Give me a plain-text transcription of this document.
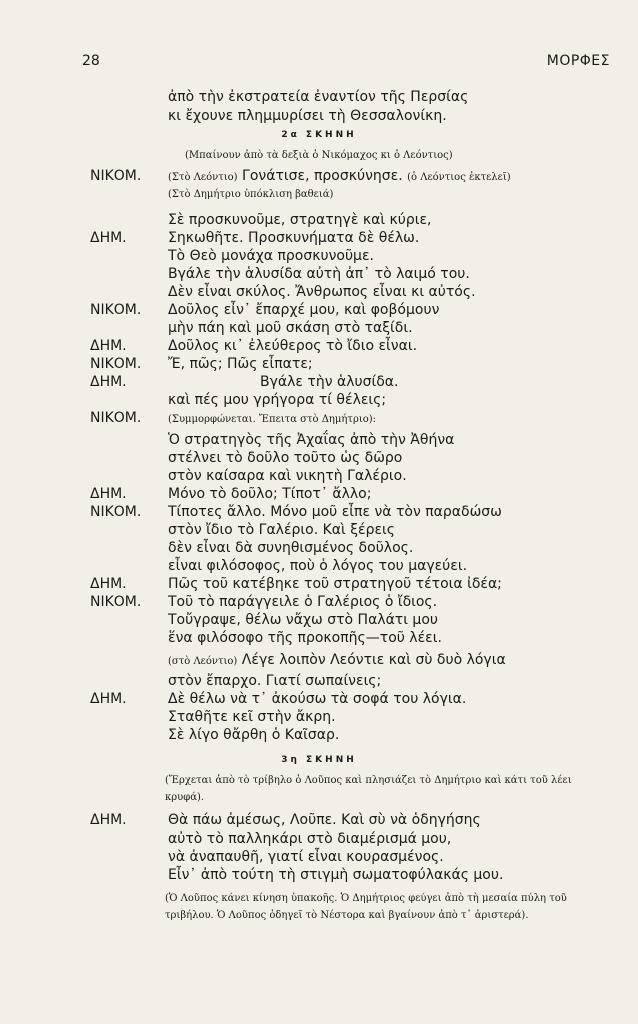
28	ΜΟΡΦΕΣ
ἀπὸ τὴν ἐκστρατεία ἐναντίον τῆς Περσίας
κι ἔχουνε πλημμυρίσει τὴ Θεσσαλονίκη.
2α ΣΚΗΝΗ
(Μπαίνουν ἀπὸ τὰ δεξιὰ ὁ Νικόμαχος κι ὁ Λεόντιος)
ΝΙΚΟΜ.	(Στὸ Λεόντιο) Γονάτισε, προσκύνησε. (ὁ Λεόντιος ἐκτελεῖ)
(Στὸ Δημήτριο ὑπόκλιση βαθειά)
Σὲ προσκυνοῦμε, στρατηγὲ καὶ κύριε,
ΔΗΜ.	Σηκωθῆτε. Προσκυνήματα δὲ θέλω.
Τὸ Θεὸ μονάχα προσκυνοῦμε.
Βγάλε τὴν ἁλυσίδα αὐτὴ ἀπ᾽ τὸ λαιμό του.
Δὲν εἶναι σκύλος. Ἄνθρωπος εἶναι κι αὐτός.
ΝΙΚΟΜ. Δοῦλος εἶν᾽ ἔπαρχέ μου, καὶ φοβόμουν
μὴν πάη καὶ μοῦ σκάση στὸ ταξίδι.
ΔΗΜ.	Δοῦλος κι᾽ ἐλεύθερος τὸ ἴδιο εἶναι.
ΝΙΚΟΜ. Ἔ, πῶς; Πῶς εἶπατε;
ΔΗΜ.	Βγάλε τὴν ἁλυσίδα.
καὶ πές μου γρήγορα τί θέλεις;
ΝΙΚΟΜ.	(Συμμορφώνεται. Ἔπειτα στὸ Δημήτριο):
Ὁ στρατηγὸς τῆς Ἀχαΐας ἀπὸ τὴν Ἀθήνα
στέλνει τὸ δοῦλο τοῦτο ὡς δῶρο
στὸν καίσαρα καὶ νικητὴ Γαλέριο.
ΔΗΜ.	Μόνο τὸ δοῦλο; Τίποτ᾽ ἄλλο;
ΝΙΚΟΜ. Τίποτες ἄλλο. Μόνο μοῦ εἶπε νὰ τὸν παραδώσω
στὸν ἴδιο τὸ Γαλέριο. Καὶ ξέρεις
δὲν εἶναι δὰ συνηθισμένος δοῦλος.
εἶναι φιλόσοφος, ποὺ ὁ λόγος του μαγεύει.
ΔΗΜ.	Πῶς τοῦ κατέβηκε τοῦ στρατηγοῦ τέτοια ἰδέα;
ΝΙΚΟΜ. Τοῦ τὸ παράγγειλε ὁ Γαλέριος ὁ ἴδιος.
Τοὔγραψε, θέλω νἄχω στὸ Παλάτι μου
ἕνα φιλόσοφο τῆς προκοπῆς—τοῦ λέει.
(στὸ Λεόντιο) Λέγε λοιπὸν Λεόντιε καὶ σὺ δυὸ λόγια
στὸν ἔπαρχο. Γιατί σωπαίνεις;
ΔΗΜ.	Δὲ θέλω νὰ τ᾽ ἀκούσω τὰ σοφά του λόγια.
Σταθῆτε κεῖ στὴν ἄκρη.
Σὲ λίγο θἄρθη ὁ Καῖσαρ.
3η ΣΚΗΝΗ
(Ἔρχεται ἀπὸ τὸ τρίβηλο ὁ Λοῦπος καὶ πλησιάζει τὸ Δημήτριο καὶ κάτι τοῦ λέει κρυφά).
ΔΗΜ.	Θὰ πάω ἀμέσως, Λοῦπε. Καὶ σὺ νὰ ὁδηγήσης
αὐτὸ τὸ παλληκάρι στὸ διαμέρισμά μου,
νὰ ἀναπαυθῆ, γιατί εἶναι κουρασμένος.
Εἶν᾽ ἀπὸ τούτη τὴ στιγμὴ σωματοφύλακάς μου.
(Ὁ Λοῦπος κάνει κίνηση ὑπακοῆς. Ὁ Δημήτριος φεύγει ἀπὸ τὴ μεσαία πύλη τοῦ τριβήλου. Ὁ Λοῦπος ὁδηγεῖ τὸ Νέστορα καὶ βγαίνουν ἀπὸ τ᾽ ἀριστερά).
